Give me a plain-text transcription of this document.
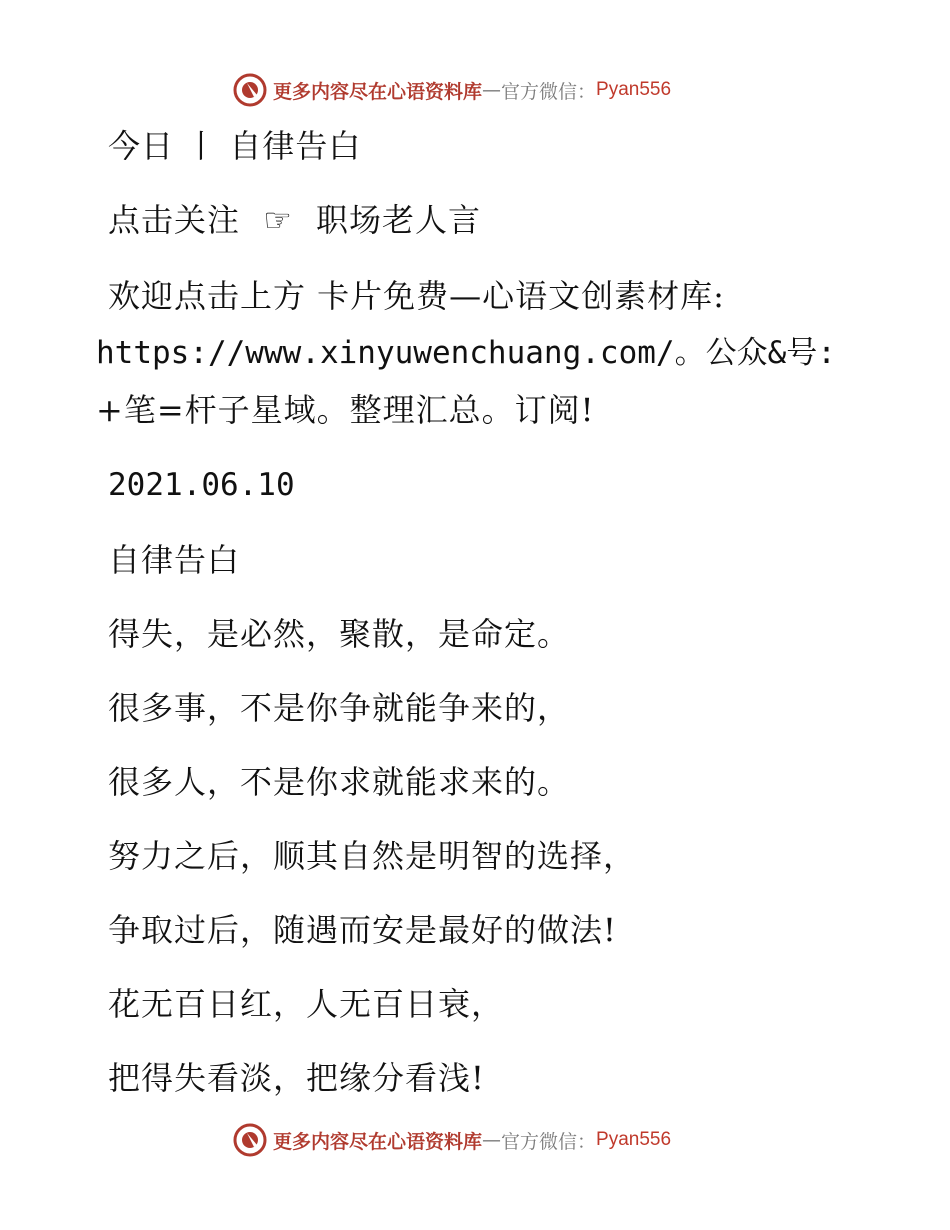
更多内容尽在心语资料库 — 官方微信： Pyan556
今日 丨 自律告白
点击关注 ☞ 职场老人言
欢迎点击上方 卡片免费—心语文创素材库:
https://www.xinyuwenchuang.com/。公众&号:
+笔=杆子星域。整理汇总。订阅!
2021.06.10
自律告白
得失，是必然，聚散，是命定。
很多事，不是你争就能争来的，
很多人，不是你求就能求来的。
努力之后，顺其自然是明智的选择，
争取过后，随遇而安是最好的做法!
花无百日红，人无百日衰，
把得失看淡，把缘分看浅!
更多内容尽在心语资料库 — 官方微信： Pyan556
